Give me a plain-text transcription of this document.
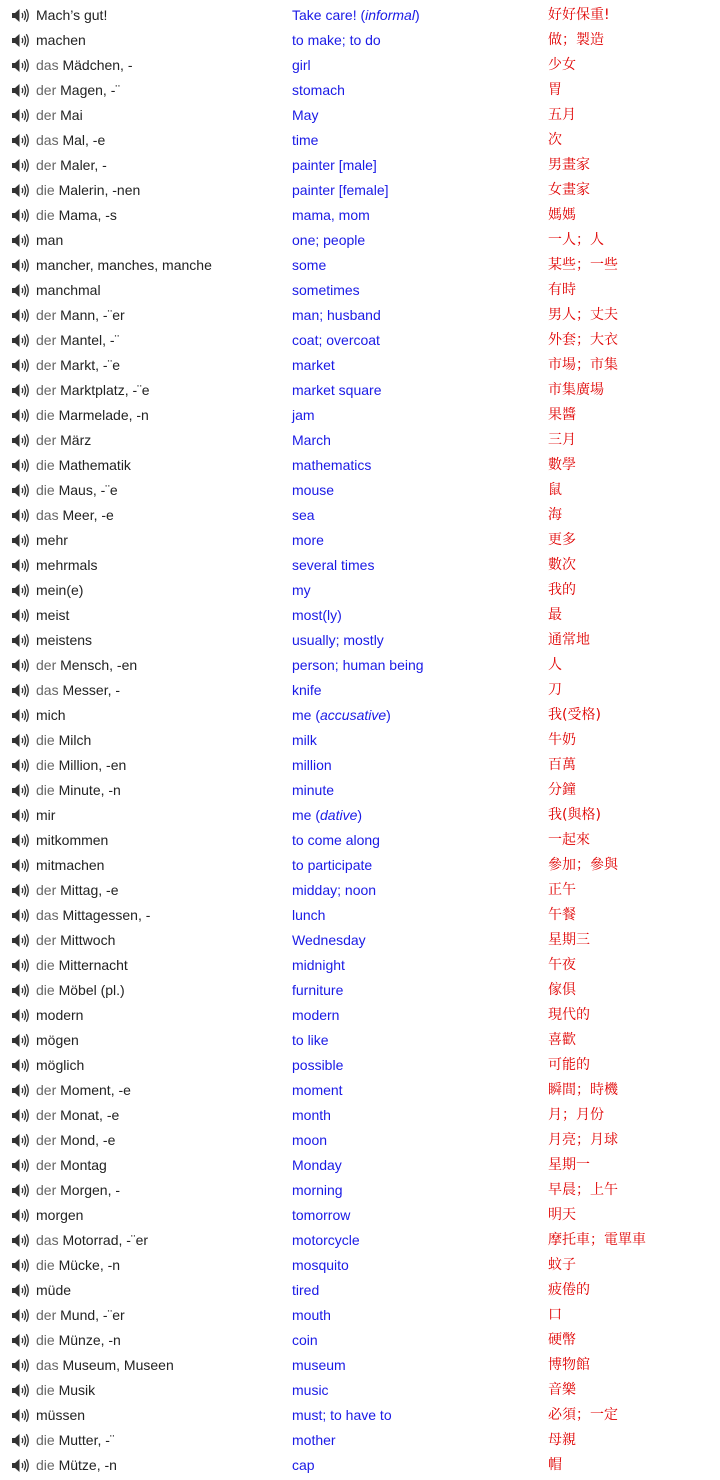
Mach’s gut!	Take care! (informal)	好好保重!
machen	to make; to do	做；製造
das Mädchen, -	girl	少女
der Magen, -¨	stomach	胃
der Mai	May	五月
das Mal, -e	time	次
der Maler, -	painter [male]	男畫家
die Malerin, -nen	painter [female]	女畫家
die Mama, -s	mama, mom	媽媽
man	one; people	一人；人
mancher, manches, manche	some	某些；一些
manchmal	sometimes	有時
der Mann, -¨er	man; husband	男人；丈夫
der Mantel, -¨	coat; overcoat	外套；大衣
der Markt, -¨e	market	市場；市集
der Marktplatz, -¨e	market square	市集廣場
die Marmelade, -n	jam	果醬
der März	March	三月
die Mathematik	mathematics	數學
die Maus, -¨e	mouse	鼠
das Meer, -e	sea	海
mehr	more	更多
mehrmals	several times	數次
mein(e)	my	我的
meist	most(ly)	最
meistens	usually; mostly	通常地
der Mensch, -en	person; human being	人
das Messer, -	knife	刀
mich	me (accusative)	我(受格)
die Milch	milk	牛奶
die Million, -en	million	百萬
die Minute, -n	minute	分鐘
mir	me (dative)	我(與格)
mitkommen	to come along	一起來
mitmachen	to participate	參加；參與
der Mittag, -e	midday; noon	正午
das Mittagessen, -	lunch	午餐
der Mittwoch	Wednesday	星期三
die Mitternacht	midnight	午夜
die Möbel (pl.)	furniture	傢俱
modern	modern	現代的
mögen	to like	喜歡
möglich	possible	可能的
der Moment, -e	moment	瞬間；時機
der Monat, -e	month	月；月份
der Mond, -e	moon	月亮；月球
der Montag	Monday	星期一
der Morgen, -	morning	早晨；上午
morgen	tomorrow	明天
das Motorrad, -¨er	motorcycle	摩托車；電單車
die Mücke, -n	mosquito	蚊子
müde	tired	疲倦的
der Mund, -¨er	mouth	口
die Münze, -n	coin	硬幣
das Museum, Museen	museum	博物館
die Musik	music	音樂
müssen	must; to have to	必須；一定
die Mutter, -¨	mother	母親
die Mütze, -n	cap	帽
